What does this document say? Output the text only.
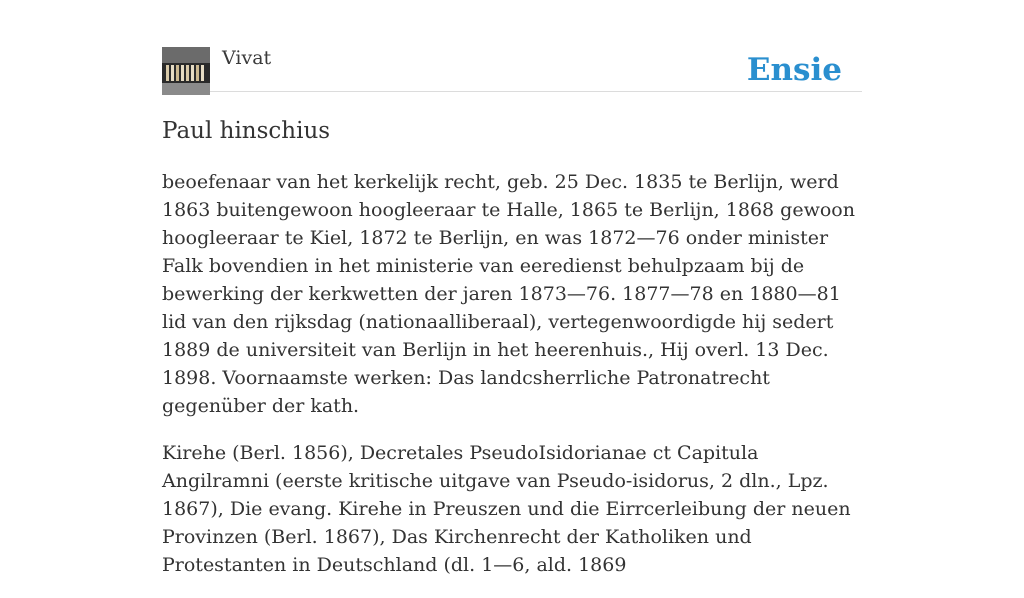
Vivat	Ensie
Paul hinschius

beoefenaar van het kerkelijk recht, geb. 25 Dec. 1835 te Berlijn, werd 1863 buitengewoon hoogleeraar te Halle, 1865 te Berlijn, 1868 gewoon hoogleeraar te Kiel, 1872 te Berlijn, en was 1872—76 onder minister Falk bovendien in het ministerie van eeredienst behulpzaam bij de bewerking der kerkwetten der jaren 1873—76. 1877—78 en 1880—81 lid van den rijksdag (nationaalliberaal), vertegenwoordigde hij sedert 1889 de universiteit van Berlijn in het heerenhuis., Hij overl. 13 Dec. 1898. Voornaamste werken: Das landcsherrliche Patronatrecht gegenüber der kath.

Kirehe (Berl. 1856), Decretales PseudoIsidorianae ct Capitula Angilramni (eerste kritische uitgave van Pseudo-isidorus, 2 dln., Lpz. 1867), Die evang. Kirehe in Preuszen und die Eirrcerleibung der neuen Provinzen (Berl. 1867), Das Kirchenrecht der Katholiken und Protestanten in Deutschland (dl. 1—6, ald. 1869
